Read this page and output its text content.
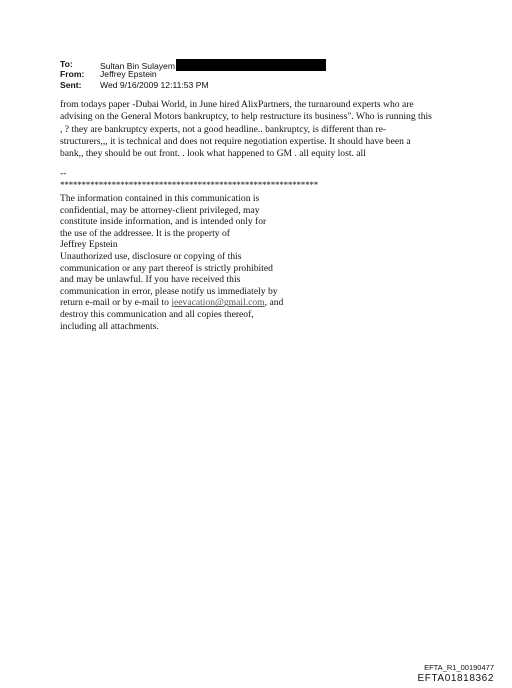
To:	Sultan Bin Sulayem
From: Jeffrey Epstein
Sent: Wed 9/16/2009 12:11:53 PM

from todays paper -Dubai World, in June hired AlixPartners, the turnaround experts who are

advising on the General Motors bankruptcy, to help restructure its business". Who is running this

, ? they are bankruptcy experts, not a good headline.. bankruptcy, is different than re-

structurers,,, it is technical and does not require negotiation expertise. It should have been a

bank,, they should be out front. . look what happened to GM . all equity lost. all

--
************************************************************

The information contained in this communication is

confidential, may be attorney-client privileged, may

constitute inside information, and is intended only for

the use of the addressee. It is the property of

Jeffrey Epstein

Unauthorized use, disclosure or copying of this

communication or any part thereof is strictly prohibited

and may be unlawful. If you have received this

communication in error, please notify us immediately by

return e-mail or by e-mail to jeevacation@gmail.com, and

destroy this communication and all copies thereof,

including all attachments.

EFTA_R1_00190477
EFTA01818362
